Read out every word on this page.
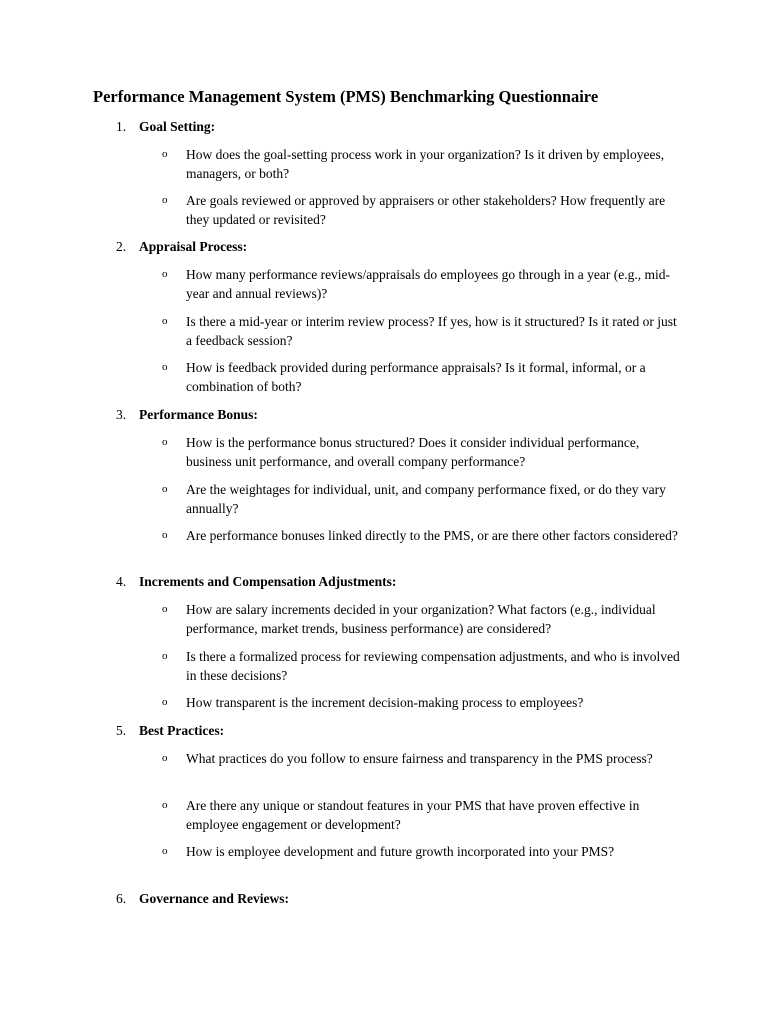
Performance Management System (PMS) Benchmarking Questionnaire
1. Goal Setting:
o How does the goal-setting process work in your organization? Is it driven by employees, managers, or both?
o Are goals reviewed or approved by appraisers or other stakeholders? How frequently are they updated or revisited?
2. Appraisal Process:
o How many performance reviews/appraisals do employees go through in a year (e.g., mid-year and annual reviews)?
o Is there a mid-year or interim review process? If yes, how is it structured? Is it rated or just a feedback session?
o How is feedback provided during performance appraisals? Is it formal, informal, or a combination of both?
3. Performance Bonus:
o How is the performance bonus structured? Does it consider individual performance, business unit performance, and overall company performance?
o Are the weightages for individual, unit, and company performance fixed, or do they vary annually?
o Are performance bonuses linked directly to the PMS, or are there other factors considered?
4. Increments and Compensation Adjustments:
o How are salary increments decided in your organization? What factors (e.g., individual performance, market trends, business performance) are considered?
o Is there a formalized process for reviewing compensation adjustments, and who is involved in these decisions?
o How transparent is the increment decision-making process to employees?
5. Best Practices:
o What practices do you follow to ensure fairness and transparency in the PMS process?
o Are there any unique or standout features in your PMS that have proven effective in employee engagement or development?
o How is employee development and future growth incorporated into your PMS?
6. Governance and Reviews:
